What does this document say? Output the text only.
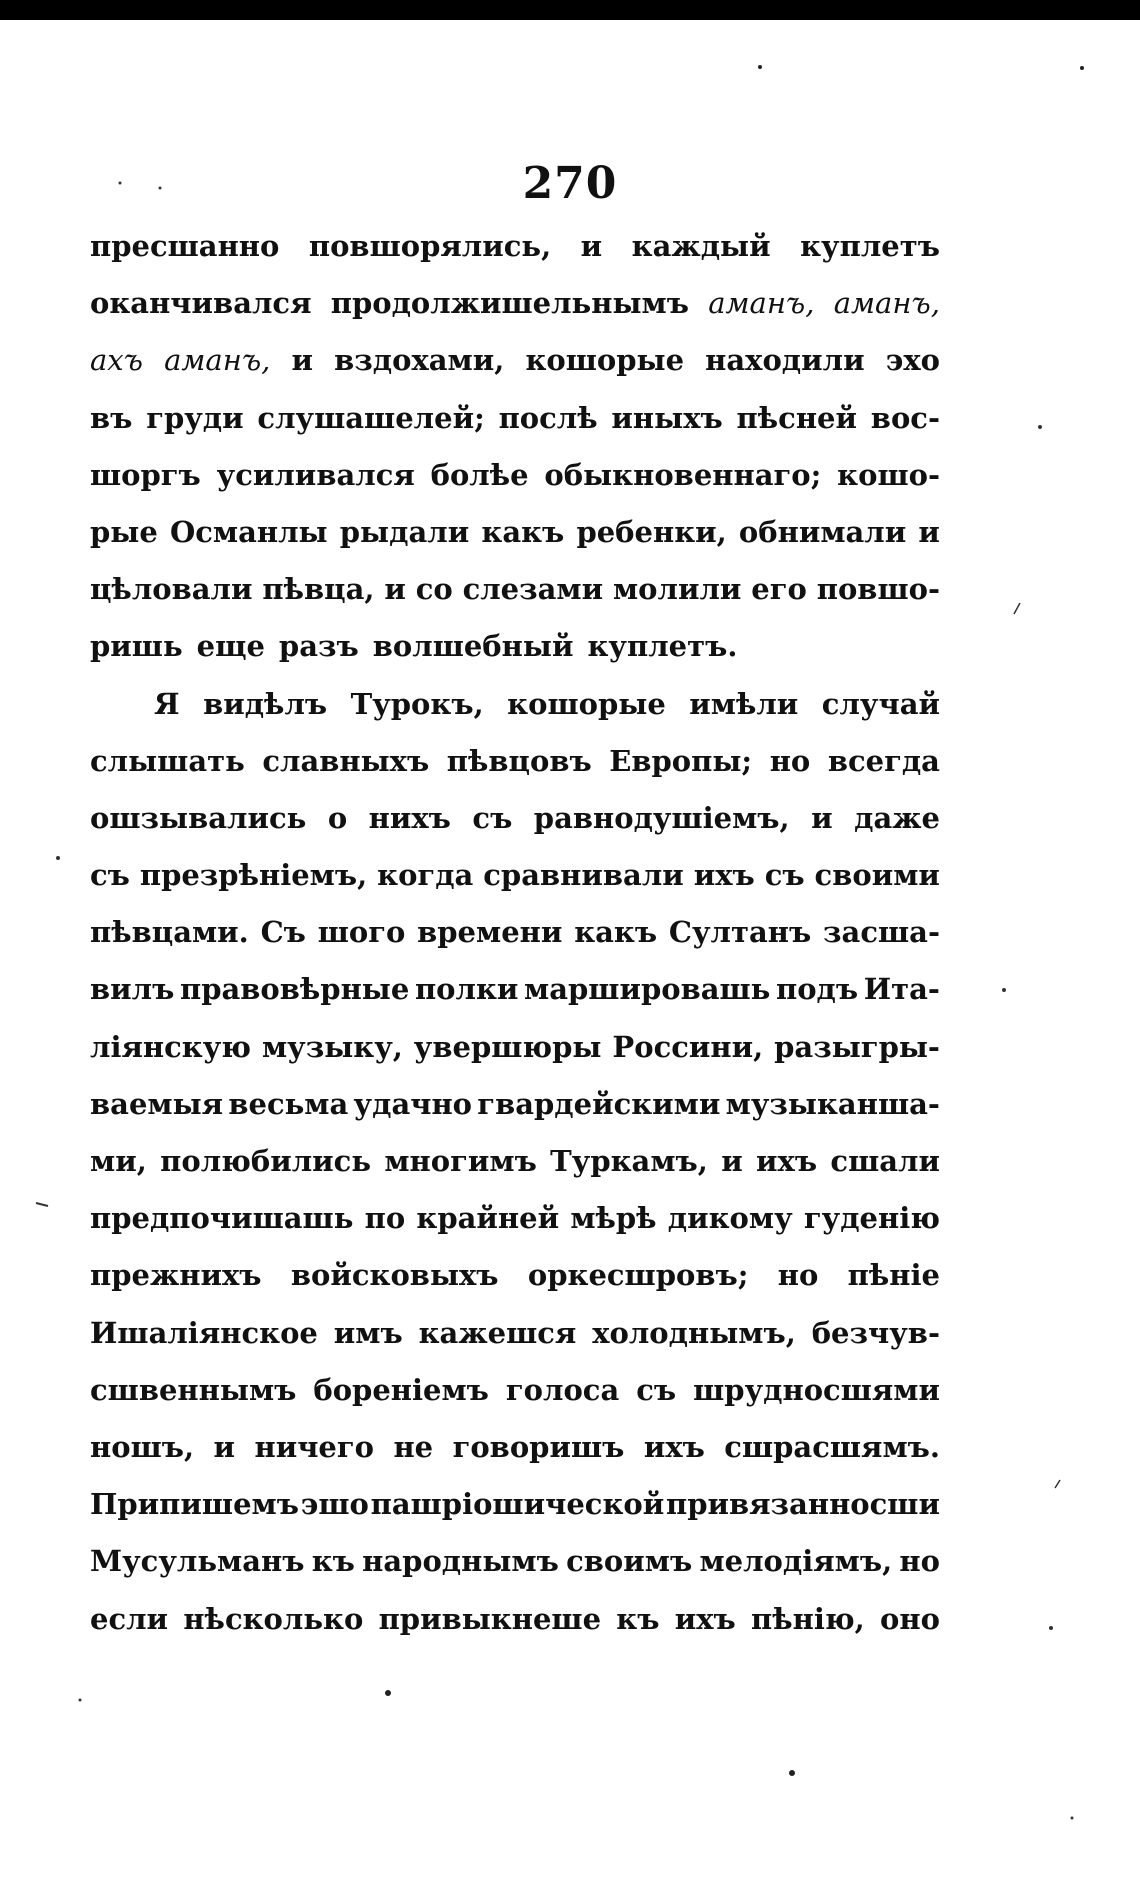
270
пресшанно повшорялись, и каждый куплетъ
оканчивался продолжишельнымъ аманъ, аманъ,
ахъ аманъ, и вздохами, кошорые находили эхо
въ груди слушашелей; послѣ иныхъ пѣсней вос-
шоргъ усиливался болѣе обыкновеннаго; кошо-
рые Османлы рыдали какъ ребенки, обнимали и
цѣловали пѣвца, и со слезами молили его повшо-
ришь еще разъ волшебный куплетъ.
Я видѣлъ Турокъ, кошорые имѣли случай
слышать славныхъ пѣвцовъ Европы; но всегда
ошзывались о нихъ съ равнодушіемъ, и даже
съ презрѣніемъ, когда сравнивали ихъ съ своими
пѣвцами. Съ шого времени какъ Султанъ засша-
вилъ правовѣрные полки маршировашь подъ Ита-
ліянскую музыку, увершюры Россини, разыгры-
ваемыя весьма удачно гвардейскими музыканша-
ми, полюбились многимъ Туркамъ, и ихъ сшали
предпочишашь по крайней мѣрѣ дикому гуденію
прежнихъ войсковыхъ оркесшровъ; но пѣніе
Ишаліянское имъ кажешся холоднымъ, безчув-
сшвеннымъ бореніемъ голоса съ шрудносшями
ношъ, и ничего не говоришъ ихъ сшрасшямъ.
Припишемъ эшо пашріошической привязанносши
Мусульманъ къ народнымъ своимъ мелодіямъ, но
если нѣсколько привыкнеше къ ихъ пѣнію, оно
